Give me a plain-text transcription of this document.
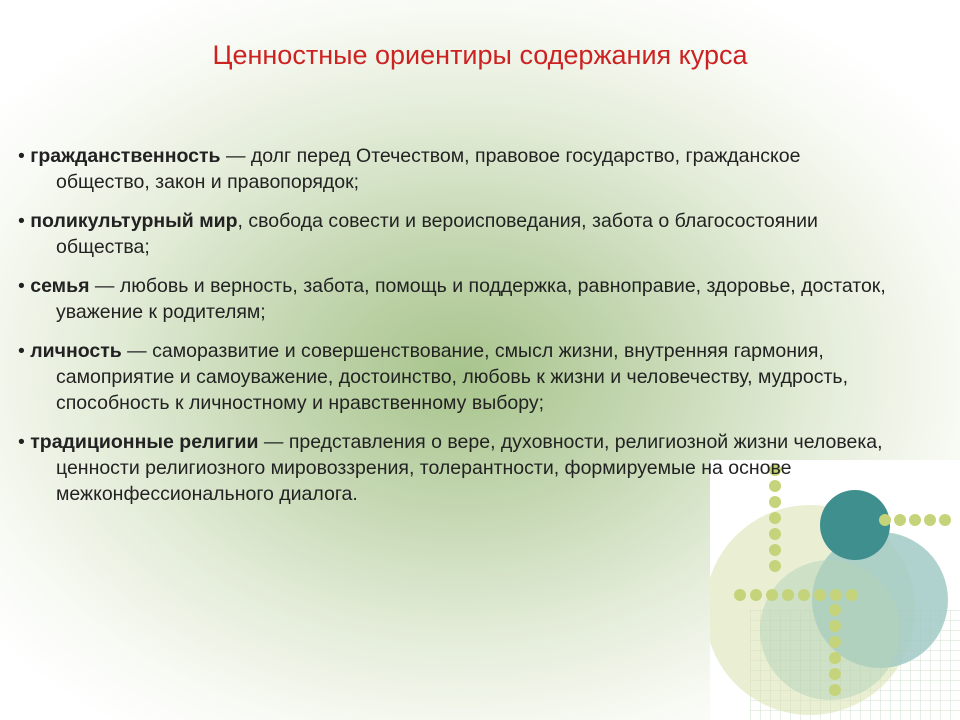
Ценностные ориентиры содержания курса
• гражданственность — долг перед Отечеством, правовое государство, гражданское общество, закон и правопорядок;
• поликультурный мир, свобода совести и вероисповедания, забота о благосостоянии общества;
• семья — любовь и верность, забота, помощь и поддержка, равноправие, здоровье, достаток, уважение к родителям;
• личность — саморазвитие и совершенствование, смысл жизни, внутренняя гармония, самоприятие и самоуважение, достоинство, любовь к жизни и человечеству, мудрость, способность к личностному и нравственному выбору;
• традиционные религии — представления о вере, духовности, религиозной жизни человека, ценности религиозного мировоззрения, толерантности, формируемые на основе межконфессионального диалога.
